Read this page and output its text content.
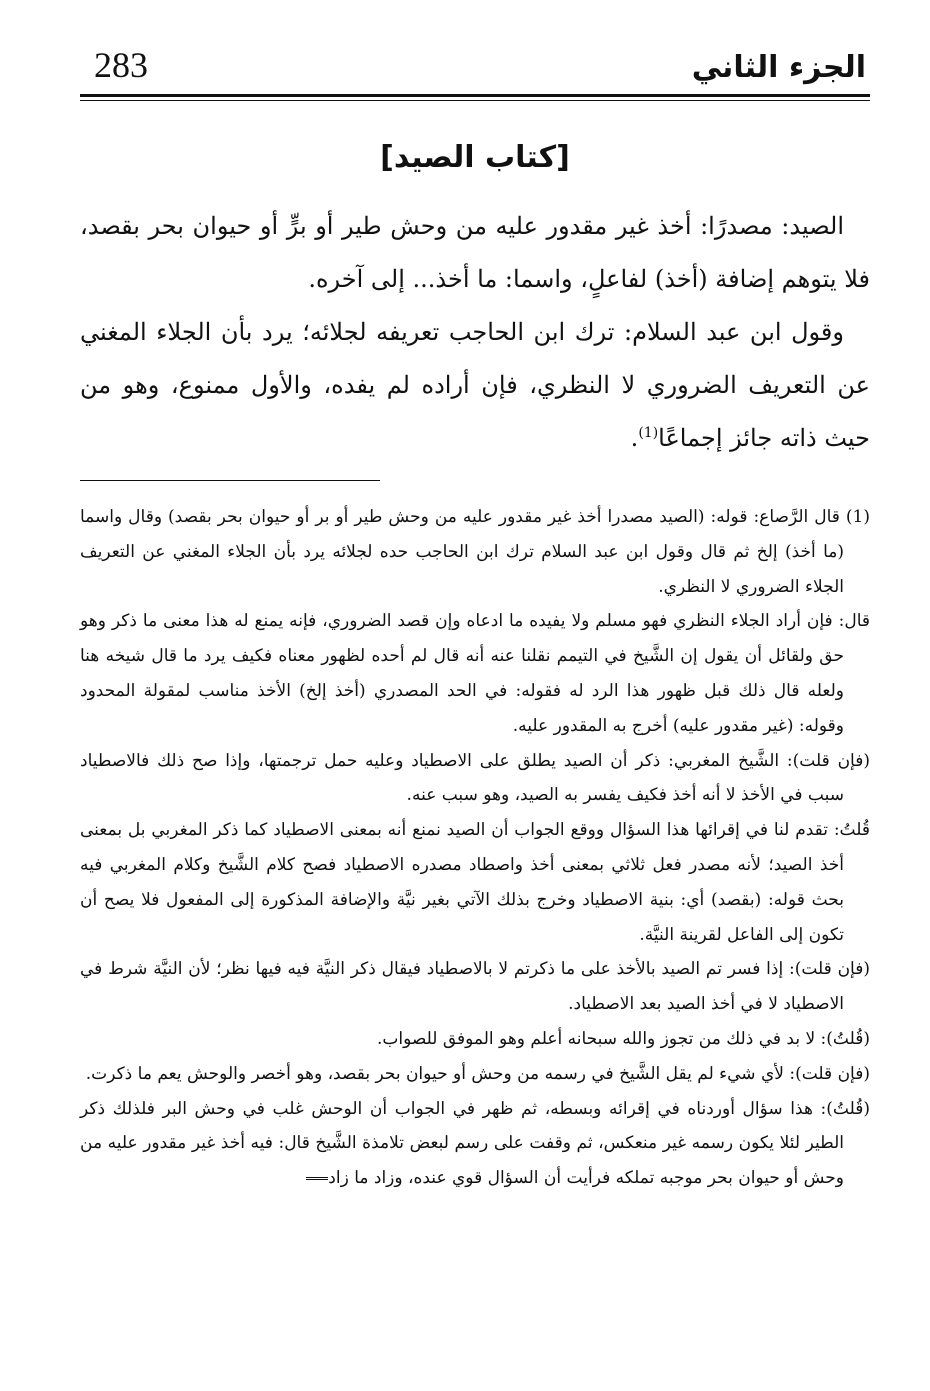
الجزء الثاني
283
[كتاب الصيد]

الصيد: مصدرًا: أخذ غير مقدور عليه من وحش طير أو برٍّ أو حيوان بحر بقصد، فلا يتوهم إضافة (أخذ) لفاعلٍ، واسما: ما أخذ... إلى آخره.

وقول ابن عبد السلام: ترك ابن الحاجب تعريفه لجلائه؛ يرد بأن الجلاء المغني عن التعريف الضروري لا النظري، فإن أراده لم يفده، والأول ممنوع، وهو من حيث ذاته جائز إجماعًا$^{(1)}$.

(1) قال الرَّصاع: قوله: (الصيد مصدرا أخذ غير مقدور عليه من وحش طير أو بر أو حيوان بحر بقصد) وقال واسما (ما أخذ) إلخ ثم قال وقول ابن عبد السلام ترك ابن الحاجب حده لجلائه يرد بأن الجلاء المغني عن التعريف الجلاء الضروري لا النظري.

قال: فإن أراد الجلاء النظري فهو مسلم ولا يفيده ما ادعاه وإن قصد الضروري، فإنه يمنع له هذا معنى ما ذكر وهو حق ولقائل أن يقول إن الشَّيخ في التيمم نقلنا عنه أنه قال لم أحده لظهور معناه فكيف يرد ما قال شيخه هنا ولعله قال ذلك قبل ظهور هذا الرد له فقوله: في الحد المصدري (أخذ إلخ) الأخذ مناسب لمقولة المحدود وقوله: (غير مقدور عليه) أخرج به المقدور عليه.

(فإن قلت): الشَّيخ المغربي: ذكر أن الصيد يطلق على الاصطياد وعليه حمل ترجمتها، وإذا صح ذلك فالاصطياد سبب في الأخذ لا أنه أخذ فكيف يفسر به الصيد، وهو سبب عنه.

قُلتُ: تقدم لنا في إقرائها هذا السؤال ووقع الجواب أن الصيد نمنع أنه بمعنى الاصطياد كما ذكر المغربي بل بمعنى أخذ الصيد؛ لأنه مصدر فعل ثلاثي بمعنى أخذ واصطاد مصدره الاصطياد فصح كلام الشَّيخ وكلام المغربي فيه بحث قوله: (بقصد) أي: بنية الاصطياد وخرج بذلك الآتي بغير نيَّة والإضافة المذكورة إلى المفعول فلا يصح أن تكون إلى الفاعل لقرينة النيَّة.

(فإن قلت): إذا فسر تم الصيد بالأخذ على ما ذكرتم لا بالاصطياد فيقال ذكر النيَّة فيه فيها نظر؛ لأن النيَّة شرط في الاصطياد لا في أخذ الصيد بعد الاصطياد.

(قُلتُ): لا بد في ذلك من تجوز والله سبحانه أعلم وهو الموفق للصواب.

(فإن قلت): لأي شيء لم يقل الشَّيخ في رسمه من وحش أو حيوان بحر بقصد، وهو أخصر والوحش يعم ما ذكرت.

(قُلتُ): هذا سؤال أوردناه في إقرائه وبسطه، ثم ظهر في الجواب أن الوحش غلب في وحش البر فلذلك ذكر الطير لئلا يكون رسمه غير منعكس، ثم وقفت على رسم لبعض تلامذة الشَّيخ قال: فيه أخذ غير مقدور عليه من وحش أو حيوان بحر موجبه تملكه فرأيت أن السؤال قوي عنده، وزاد ما زاد
